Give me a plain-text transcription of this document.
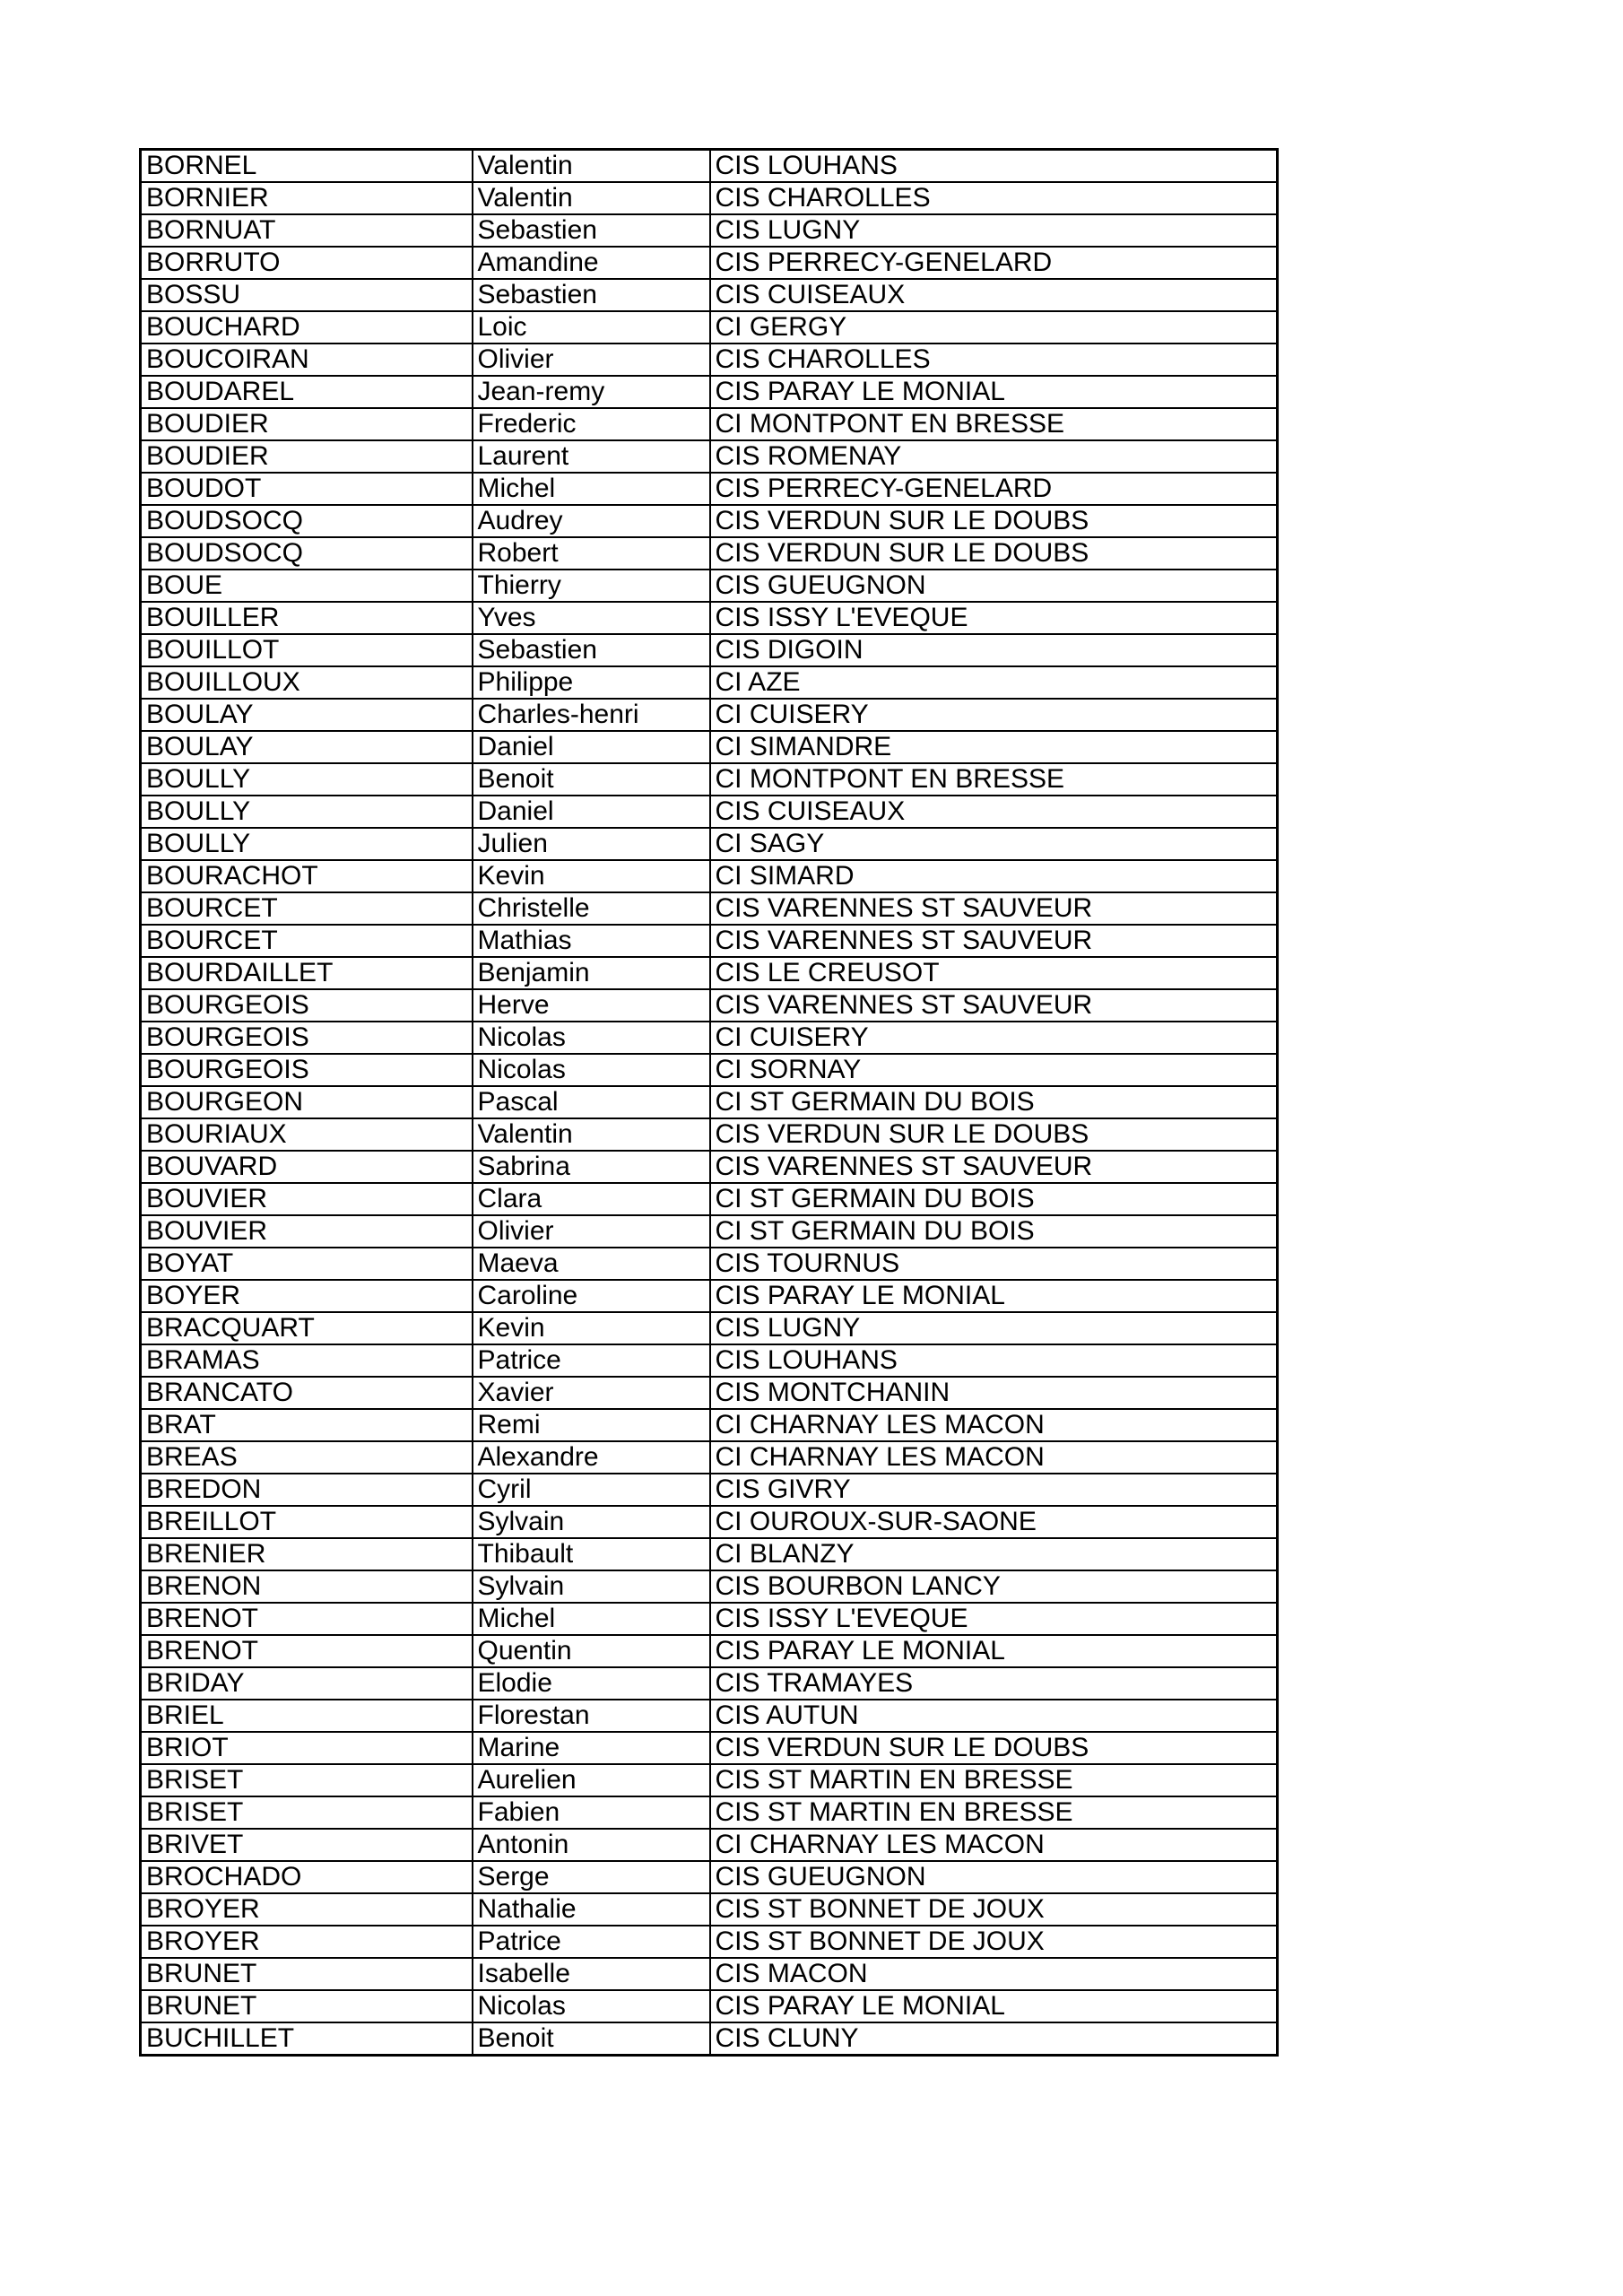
BORNEL	Valentin	CIS LOUHANS
BORNIER	Valentin	CIS CHAROLLES
BORNUAT	Sebastien	CIS LUGNY
BORRUTO	Amandine	CIS PERRECY-GENELARD
BOSSU	Sebastien	CIS CUISEAUX
BOUCHARD	Loic	CI GERGY
BOUCOIRAN	Olivier	CIS CHAROLLES
BOUDAREL	Jean-remy	CIS PARAY LE MONIAL
BOUDIER	Frederic	CI MONTPONT EN BRESSE
BOUDIER	Laurent	CIS ROMENAY
BOUDOT	Michel	CIS PERRECY-GENELARD
BOUDSOCQ	Audrey	CIS VERDUN SUR LE DOUBS
BOUDSOCQ	Robert	CIS VERDUN SUR LE DOUBS
BOUE	Thierry	CIS GUEUGNON
BOUILLER	Yves	CIS ISSY L'EVEQUE
BOUILLOT	Sebastien	CIS DIGOIN
BOUILLOUX	Philippe	CI AZE
BOULAY	Charles-henri	CI CUISERY
BOULAY	Daniel	CI SIMANDRE
BOULLY	Benoit	CI MONTPONT EN BRESSE
BOULLY	Daniel	CIS CUISEAUX
BOULLY	Julien	CI SAGY
BOURACHOT	Kevin	CI SIMARD
BOURCET	Christelle	CIS VARENNES ST SAUVEUR
BOURCET	Mathias	CIS VARENNES ST SAUVEUR
BOURDAILLET	Benjamin	CIS LE CREUSOT
BOURGEOIS	Herve	CIS VARENNES ST SAUVEUR
BOURGEOIS	Nicolas	CI CUISERY
BOURGEOIS	Nicolas	CI SORNAY
BOURGEON	Pascal	CI ST GERMAIN DU BOIS
BOURIAUX	Valentin	CIS VERDUN SUR LE DOUBS
BOUVARD	Sabrina	CIS VARENNES ST SAUVEUR
BOUVIER	Clara	CI ST GERMAIN DU BOIS
BOUVIER	Olivier	CI ST GERMAIN DU BOIS
BOYAT	Maeva	CIS TOURNUS
BOYER	Caroline	CIS PARAY LE MONIAL
BRACQUART	Kevin	CIS LUGNY
BRAMAS	Patrice	CIS LOUHANS
BRANCATO	Xavier	CIS MONTCHANIN
BRAT	Remi	CI CHARNAY LES MACON
BREAS	Alexandre	CI CHARNAY LES MACON
BREDON	Cyril	CIS GIVRY
BREILLOT	Sylvain	CI OUROUX-SUR-SAONE
BRENIER	Thibault	CI BLANZY
BRENON	Sylvain	CIS BOURBON LANCY
BRENOT	Michel	CIS ISSY L'EVEQUE
BRENOT	Quentin	CIS PARAY LE MONIAL
BRIDAY	Elodie	CIS TRAMAYES
BRIEL	Florestan	CIS AUTUN
BRIOT	Marine	CIS VERDUN SUR LE DOUBS
BRISET	Aurelien	CIS ST MARTIN EN BRESSE
BRISET	Fabien	CIS ST MARTIN EN BRESSE
BRIVET	Antonin	CI CHARNAY LES MACON
BROCHADO	Serge	CIS GUEUGNON
BROYER	Nathalie	CIS ST BONNET DE JOUX
BROYER	Patrice	CIS ST BONNET DE JOUX
BRUNET	Isabelle	CIS MACON
BRUNET	Nicolas	CIS PARAY LE MONIAL
BUCHILLET	Benoit	CIS CLUNY
